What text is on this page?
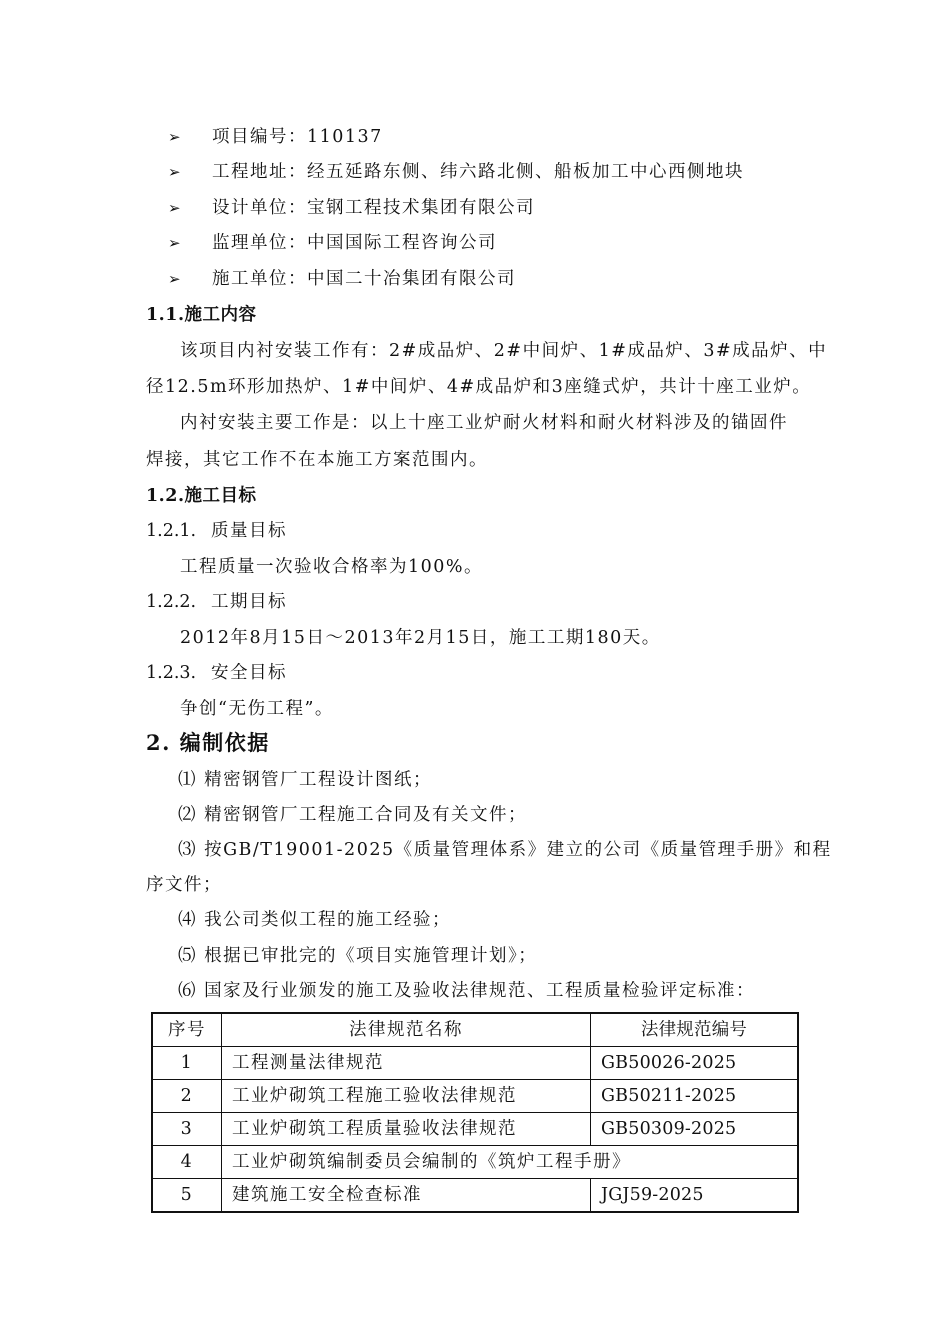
➢ 项目编号：110137
➢ 工程地址：经五延路东侧、纬六路北侧、船板加工中心西侧地块
➢ 设计单位：宝钢工程技术集团有限公司
➢ 监理单位：中国国际工程咨询公司
➢ 施工单位：中国二十冶集团有限公司
1.1.施工内容
该项目内衬安装工作有：2#成品炉、2#中间炉、1#成品炉、3#成品炉、中
径12.5m环形加热炉、1#中间炉、4#成品炉和3座缝式炉，共计十座工业炉。
内衬安装主要工作是：以上十座工业炉耐火材料和耐火材料涉及的锚固件
焊接，其它工作不在本施工方案范围内。
1.2.施工目标
1.2.1. 质量目标
工程质量一次验收合格率为100%。
1.2.2. 工期目标
2012年8月15日～2013年2月15日，施工工期180天。
1.2.3. 安全目标
争创“无伤工程”。
2. 编制依据
⑴ 精密钢管厂工程设计图纸；
⑵ 精密钢管厂工程施工合同及有关文件；
⑶ 按GB/T19001-2025《质量管理体系》建立的公司《质量管理手册》和程
序文件；
⑷ 我公司类似工程的施工经验；
⑸ 根据已审批完的《项目实施管理计划》；
⑹ 国家及行业颁发的施工及验收法律规范、工程质量检验评定标准：
序号	法律规范名称	法律规范编号
1	工程测量法律规范	GB50026-2025
2	工业炉砌筑工程施工验收法律规范	GB50211-2025
3	工业炉砌筑工程质量验收法律规范	GB50309-2025
4	工业炉砌筑编制委员会编制的《筑炉工程手册》	
5	建筑施工安全检查标准	JGJ59-2025
